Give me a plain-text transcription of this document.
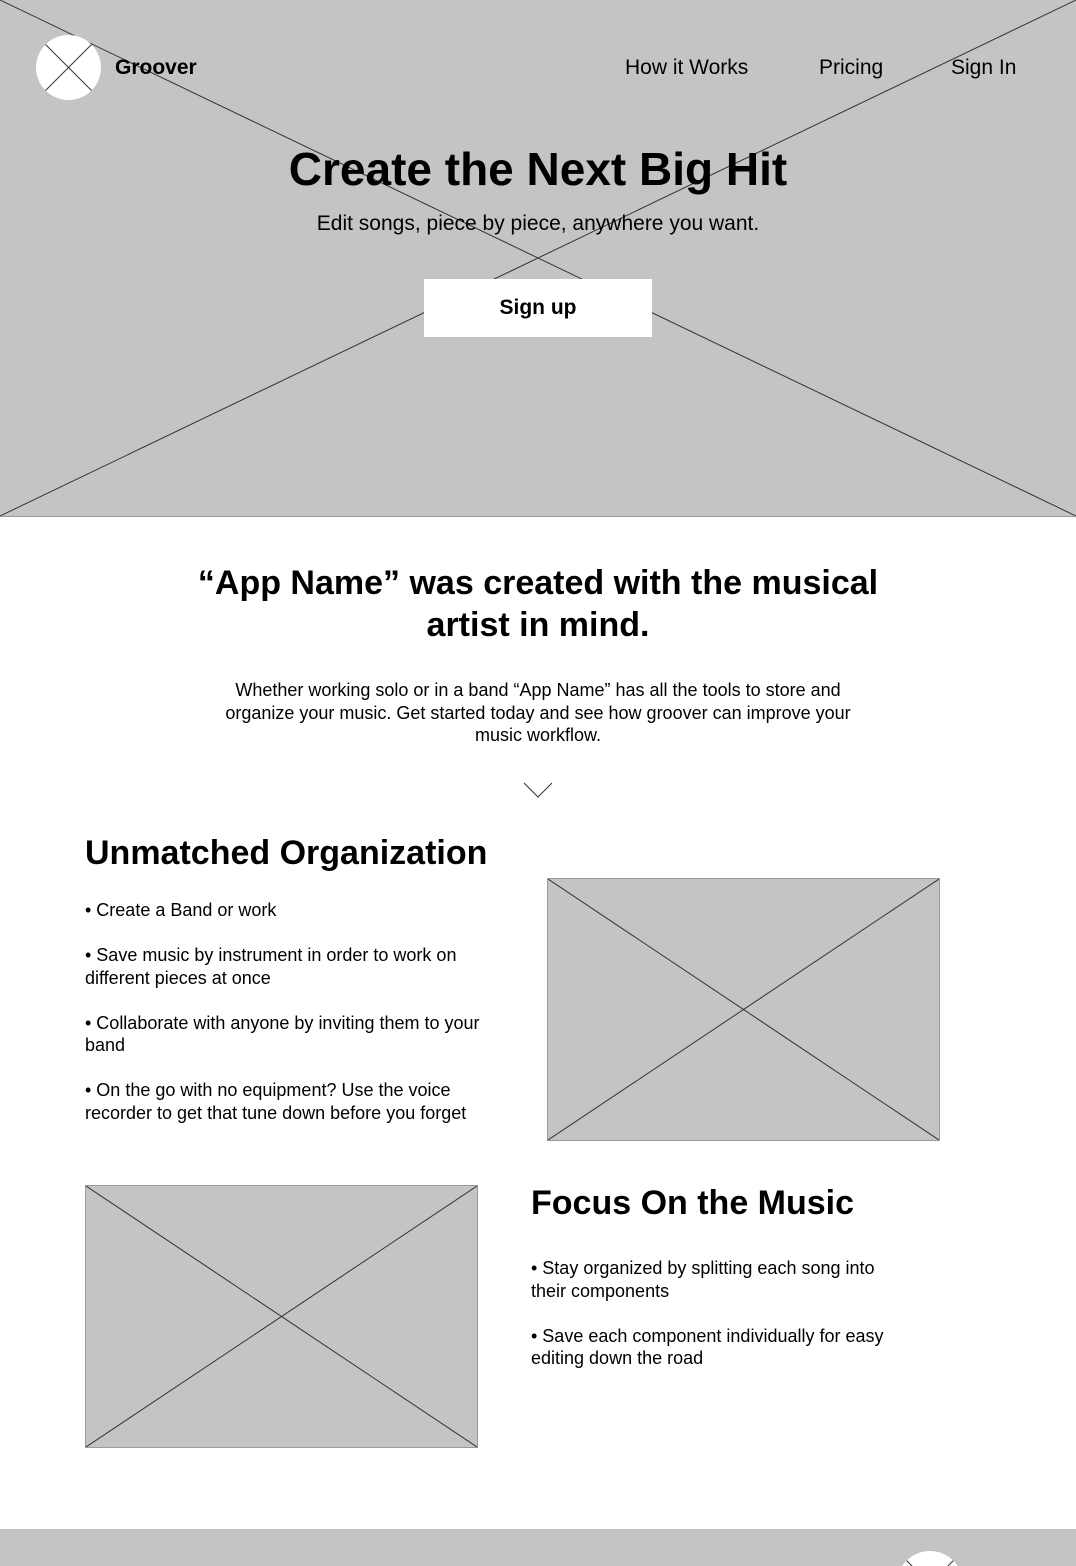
Groover	How it Works	Pricing	Sign In
Create the Next Big Hit

Edit songs, piece by piece, anywhere you want.

Sign up
“App Name” was created with the musical artist in mind.

Whether working solo or in a band “App Name” has all the tools to store and organize your music. Get started today and see how groover can improve your music workflow.

Unmatched Organization
• Create a Band or work
• Save music by instrument in order to work on different pieces at once
• Collaborate with anyone by inviting them to your band
• On the go with no equipment? Use the voice recorder to get that tune down before you forget
Focus On the Music
• Stay organized by splitting each song into their components
• Save each component individually for easy editing down the road
